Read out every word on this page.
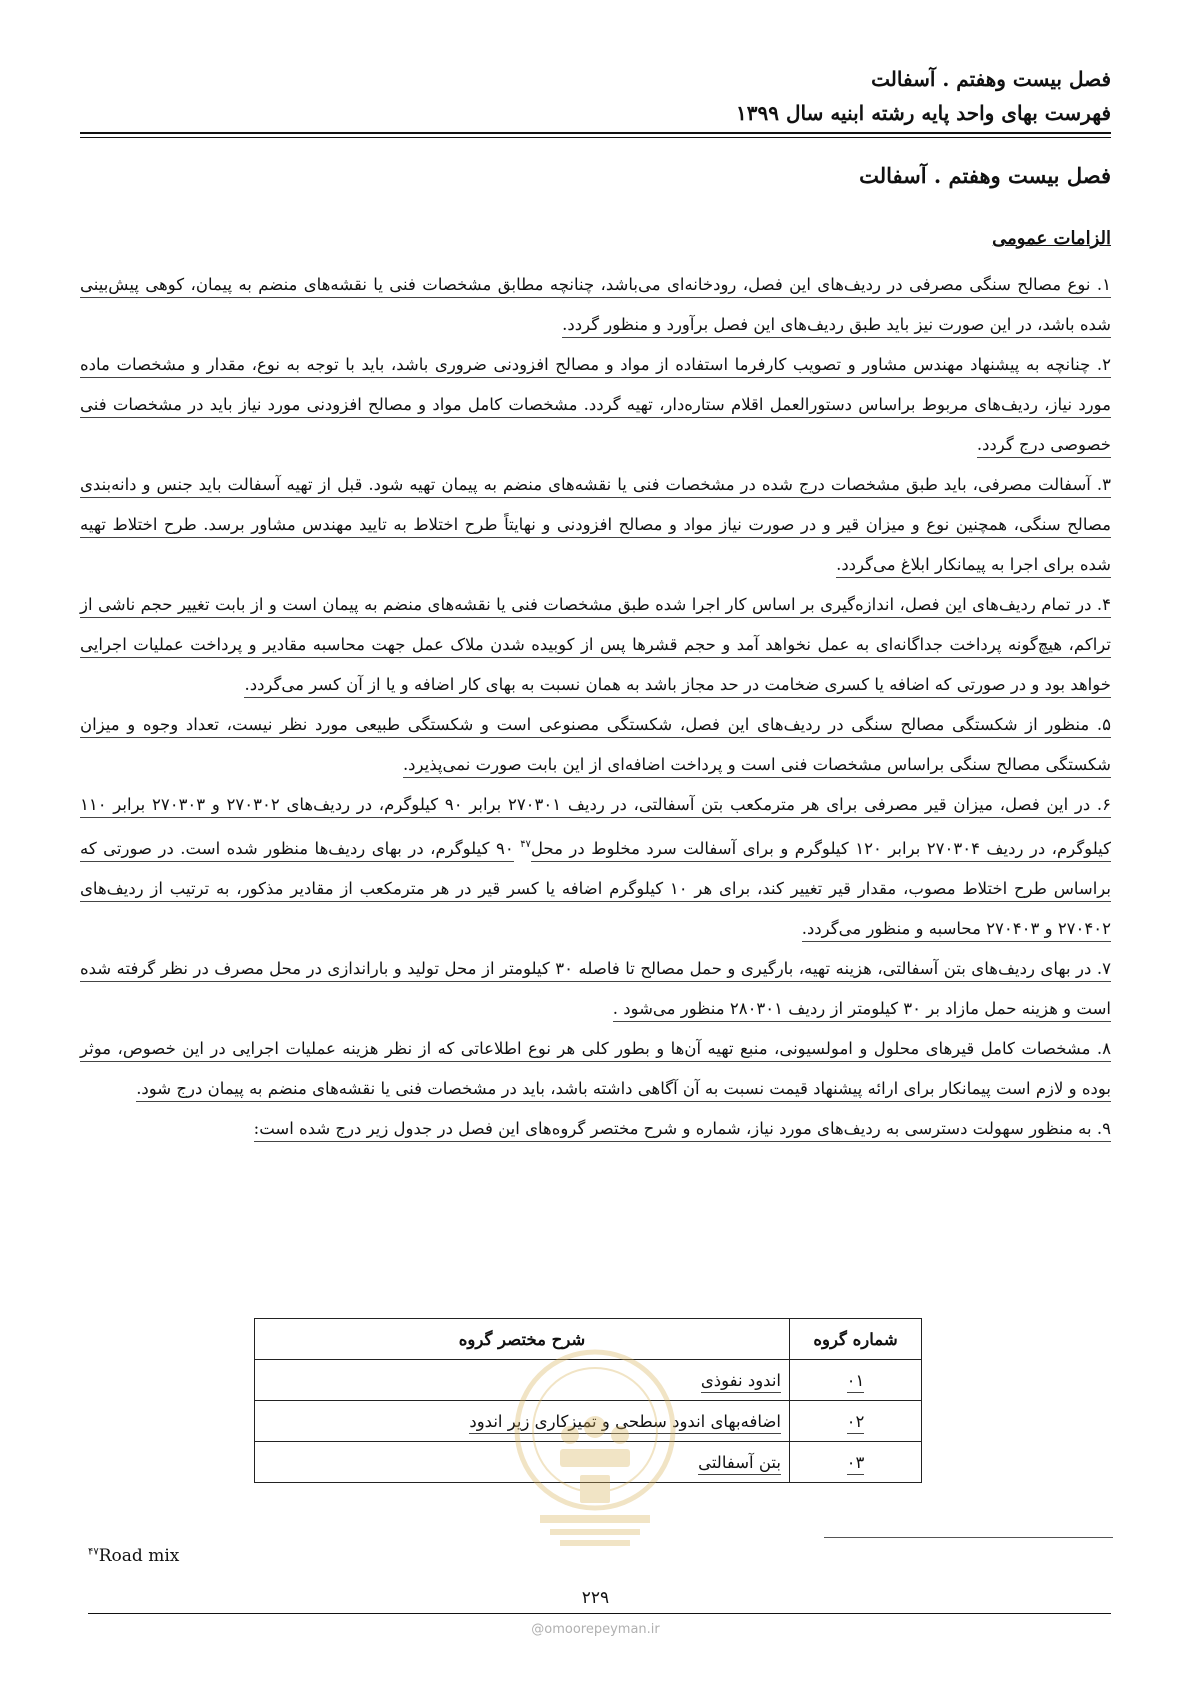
فصل بیست وهفتم . آسفالت
فهرست بهای واحد پایه رشته ابنیه سال ۱۳۹۹
فصل بیست وهفتم . آسفالت
الزامات عمومی

۱. نوع مصالح سنگی مصرفی در ردیف‌های این فصل، رودخانه‌ای می‌باشد، چنانچه مطابق مشخصات فنی یا نقشه‌های منضم به پیمان، کوهی پیش‌بینی شده باشد، در این صورت نیز باید طبق ردیف‌های این فصل برآورد و منظور گردد.

۲. چنانچه به پیشنهاد مهندس مشاور و تصویب کارفرما استفاده از مواد و مصالح افزودنی ضروری باشد، باید با توجه به نوع، مقدار و مشخصات ماده مورد نیاز، ردیف‌های مربوط براساس دستورالعمل اقلام ستاره‌دار، تهیه گردد. مشخصات کامل مواد و مصالح افزودنی مورد نیاز باید در مشخصات فنی خصوصی درج گردد.

۳. آسفالت مصرفی، باید طبق مشخصات درج شده در مشخصات فنی یا نقشه‌های منضم به پیمان تهیه شود. قبل از تهیه آسفالت باید جنس و دانه‌بندی مصالح سنگی، همچنین نوع و میزان قیر و در صورت نیاز مواد و مصالح افزودنی و نهایتاً طرح اختلاط به تایید مهندس مشاور برسد. طرح اختلاط تهیه شده برای اجرا به پیمانکار ابلاغ می‌گردد.

۴. در تمام ردیف‌های این فصل، اندازه‌گیری بر اساس کار اجرا شده طبق مشخصات فنی یا نقشه‌های منضم به پیمان است و از بابت تغییر حجم ناشی از تراکم، هیچ‌گونه پرداخت جداگانه‌ای به عمل نخواهد آمد و حجم قشرها پس از کوبیده شدن ملاک عمل جهت محاسبه مقادیر و پرداخت عملیات اجرایی خواهد بود و در صورتی که اضافه یا کسری ضخامت در حد مجاز باشد به همان نسبت به بهای کار اضافه و یا از آن کسر می‌گردد.

۵. منظور از شکستگی مصالح سنگی در ردیف‌های این فصل، شکستگی مصنوعی است و شکستگی طبیعی مورد نظر نیست، تعداد وجوه و میزان شکستگی مصالح سنگی براساس مشخصات فنی است و پرداخت اضافه‌ای از این بابت صورت نمی‌پذیرد.

۶. در این فصل، میزان قیر مصرفی برای هر مترمکعب بتن آسفالتی، در ردیف ۲۷۰۳۰۱ برابر ۹۰ کیلوگرم، در ردیف‌های ۲۷۰۳۰۲ و ۲۷۰۳۰۳ برابر ۱۱۰ کیلوگرم، در ردیف ۲۷۰۳۰۴ برابر ۱۲۰ کیلوگرم و برای آسفالت سرد مخلوط در محل$^{۴۷}$ ۹۰ کیلوگرم، در بهای ردیف‌ها منظور شده است. در صورتی که براساس طرح اختلاط مصوب، مقدار قیر تغییر کند، برای هر ۱۰ کیلوگرم اضافه یا کسر قیر در هر مترمکعب از مقادیر مذکور، به ترتیب از ردیف‌های ۲۷۰۴۰۲ و ۲۷۰۴۰۳ محاسبه و منظور می‌گردد.

۷. در بهای ردیف‌های بتن آسفالتی، هزینه تهیه، بارگیری و حمل مصالح تا فاصله ۳۰ کیلومتر از محل تولید و باراندازی در محل مصرف در نظر گرفته شده است و هزینه حمل مازاد بر ۳۰ کیلومتر از ردیف ۲۸۰۳۰۱ منظور می‌شود .

۸. مشخصات کامل قیرهای محلول و امولسیونی، منبع تهیه آن‌ها و بطور کلی هر نوع اطلاعاتی که از نظر هزینه عملیات اجرایی در این خصوص، موثر بوده و لازم است پیمانکار برای ارائه پیشنهاد قیمت نسبت به آن آگاهی داشته باشد، باید در مشخصات فنی یا نقشه‌های منضم به پیمان درج شود.

۹. به منظور سهولت دسترسی به ردیف‌های مورد نیاز، شماره و شرح مختصر گروه‌های این فصل در جدول زیر درج شده است:

شماره گروه	شرح مختصر گروه
۰۱	اندود نفوذی
۰۲	اضافه‌بهای اندود سطحی و تمیزکاری زیر اندود
۰۳	بتن آسفالتی
$^{۴۷}$Road mix
۲۲۹
@omoorepeyman.ir
